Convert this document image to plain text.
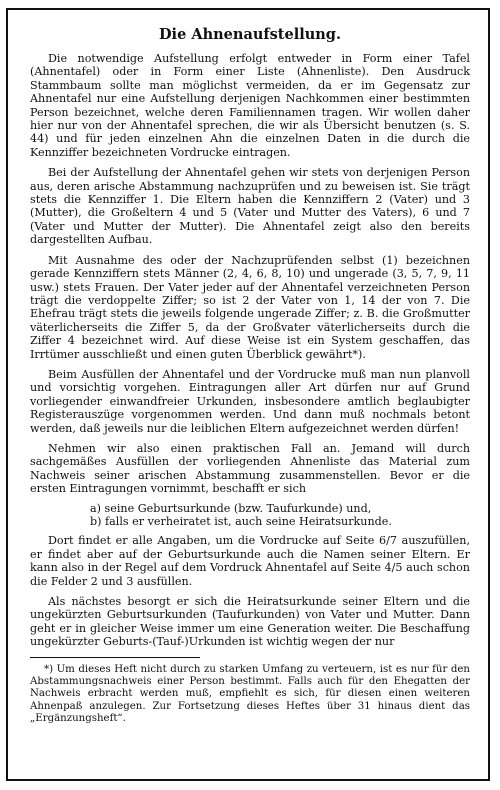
Die Ahnenaufstellung.

Die notwendige Aufstellung erfolgt entweder in Form einer Tafel (Ahnentafel) oder in Form einer Liste (Ahnenliste). Den Ausdruck Stammbaum sollte man möglichst vermeiden, da er im Gegensatz zur Ahnentafel nur eine Aufstellung derjenigen Nachkommen einer bestimmten Person bezeichnet, welche deren Familiennamen tragen. Wir wollen daher hier nur von der Ahnentafel sprechen, die wir als Übersicht benutzen (s. S. 44) und für jeden einzelnen Ahn die einzelnen Daten in die durch die Kennziffer bezeichneten Vordrucke eintragen.

Bei der Aufstellung der Ahnentafel gehen wir stets von derjenigen Person aus, deren arische Abstammung nachzuprüfen und zu beweisen ist. Sie trägt stets die Kennziffer 1. Die Eltern haben die Kennziffern 2 (Vater) und 3 (Mutter), die Großeltern 4 und 5 (Vater und Mutter des Vaters), 6 und 7 (Vater und Mutter der Mutter). Die Ahnentafel zeigt also den bereits dargestellten Aufbau.

Mit Ausnahme des oder der Nachzuprüfenden selbst (1) bezeichnen gerade Kennziffern stets Männer (2, 4, 6, 8, 10) und ungerade (3, 5, 7, 9, 11 usw.) stets Frauen. Der Vater jeder auf der Ahnentafel verzeichneten Person trägt die verdoppelte Ziffer; so ist 2 der Vater von 1, 14 der von 7. Die Ehefrau trägt stets die jeweils folgende ungerade Ziffer; z. B. die Großmutter väterlicherseits die Ziffer 5, da der Großvater väterlicherseits durch die Ziffer 4 bezeichnet wird. Auf diese Weise ist ein System geschaffen, das Irrtümer ausschließt und einen guten Überblick gewährt*).

Beim Ausfüllen der Ahnentafel und der Vordrucke muß man nun planvoll und vorsichtig vorgehen. Eintragungen aller Art dürfen nur auf Grund vorliegender einwandfreier Urkunden, insbesondere amtlich beglaubigter Registerauszüge vorgenommen werden. Und dann muß nochmals betont werden, daß jeweils nur die leiblichen Eltern aufgezeichnet werden dürfen!

Nehmen wir also einen praktischen Fall an. Jemand will durch sachgemäßes Ausfüllen der vorliegenden Ahnenliste das Material zum Nachweis seiner arischen Abstammung zusammenstellen. Bevor er die ersten Eintragungen vornimmt, beschafft er sich

a) seine Geburtsurkunde (bzw. Taufurkunde) und,
b) falls er verheiratet ist, auch seine Heiratsurkunde.

Dort findet er alle Angaben, um die Vordrucke auf Seite 6/7 auszufüllen, er findet aber auf der Geburtsurkunde auch die Namen seiner Eltern. Er kann also in der Regel auf dem Vordruck Ahnentafel auf Seite 4/5 auch schon die Felder 2 und 3 ausfüllen.

Als nächstes besorgt er sich die Heiratsurkunde seiner Eltern und die ungekürzten Geburtsurkunden (Taufurkunden) von Vater und Mutter. Dann geht er in gleicher Weise immer um eine Generation weiter. Die Beschaffung ungekürzter Geburts-(Tauf-)Urkunden ist wichtig wegen der nur

*) Um dieses Heft nicht durch zu starken Umfang zu verteuern, ist es nur für den Abstammungsnachweis einer Person bestimmt. Falls auch für den Ehegatten der Nachweis erbracht werden muß, empfiehlt es sich, für diesen einen weiteren Ahnenpaß anzulegen. Zur Fortsetzung dieses Heftes über 31 hinaus dient das „Ergänzungsheft“.
